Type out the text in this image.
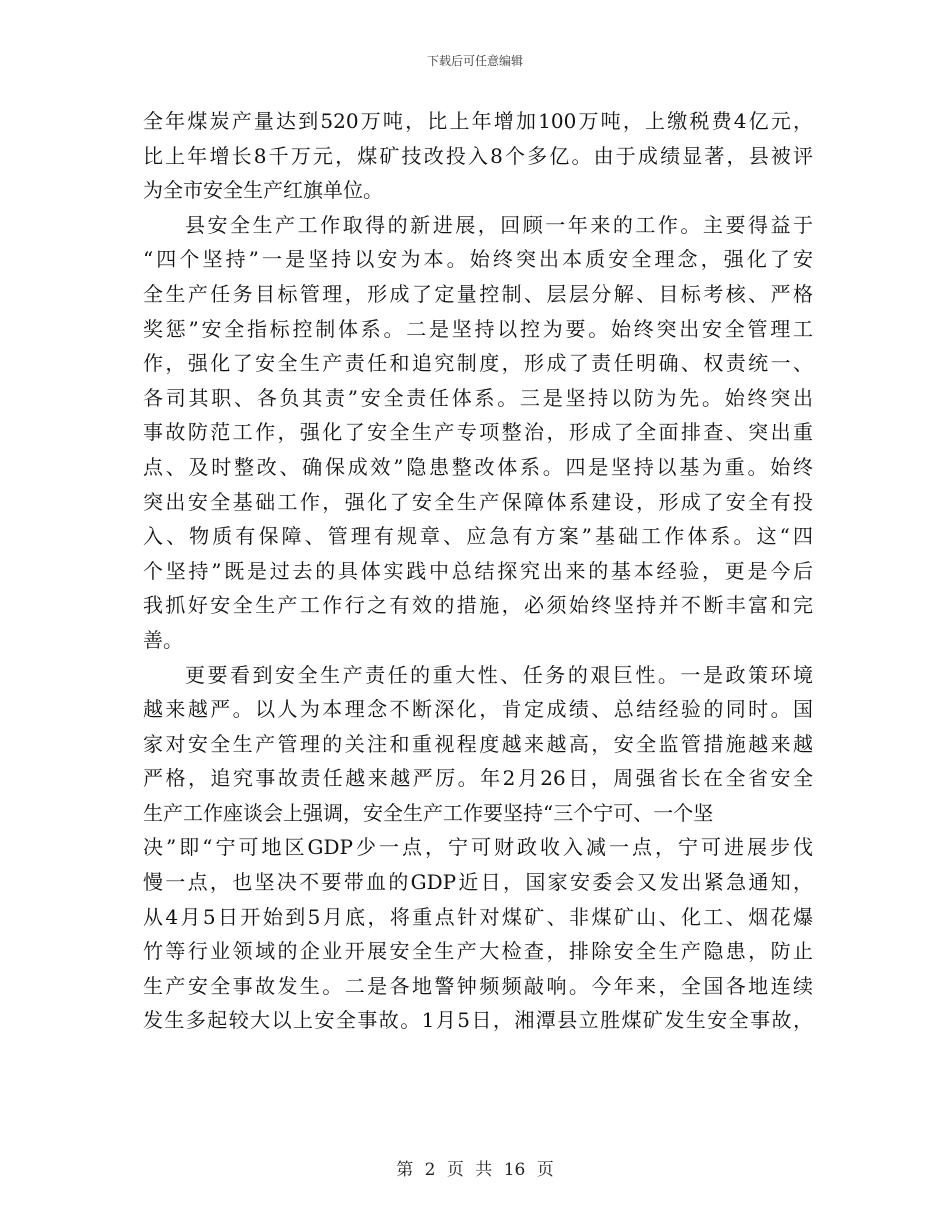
下载后可任意编辑
全年煤炭产量达到520万吨，比上年增加100万吨，上缴税费4亿元，
比上年增长8千万元，煤矿技改投入8个多亿。由于成绩显著，县被评
为全市安全生产红旗单位。
县安全生产工作取得的新进展，回顾一年来的工作。主要得益于
“四个坚持”一是坚持以安为本。始终突出本质安全理念，强化了安
全生产任务目标管理，形成了定量控制、层层分解、目标考核、严格
奖惩”安全指标控制体系。二是坚持以控为要。始终突出安全管理工
作，强化了安全生产责任和追究制度，形成了责任明确、权责统一、
各司其职、各负其责”安全责任体系。三是坚持以防为先。始终突出
事故防范工作，强化了安全生产专项整治，形成了全面排查、突出重
点、及时整改、确保成效”隐患整改体系。四是坚持以基为重。始终
突出安全基础工作，强化了安全生产保障体系建设，形成了安全有投
入、物质有保障、管理有规章、应急有方案”基础工作体系。这“四
个坚持”既是过去的具体实践中总结探究出来的基本经验，更是今后
我抓好安全生产工作行之有效的措施，必须始终坚持并不断丰富和完
善。
更要看到安全生产责任的重大性、任务的艰巨性。一是政策环境
越来越严。以人为本理念不断深化，肯定成绩、总结经验的同时。国
家对安全生产管理的关注和重视程度越来越高，安全监管措施越来越
严格，追究事故责任越来越严厉。年2月26日，周强省长在全省安全
生产工作座谈会上强调，安全生产工作要坚持“三个宁可、一个坚
决”即“宁可地区GDP少一点，宁可财政收入减一点，宁可进展步伐
慢一点，也坚决不要带血的GDP近日，国家安委会又发出紧急通知，
从4月5日开始到5月底，将重点针对煤矿、非煤矿山、化工、烟花爆
竹等行业领域的企业开展安全生产大检查，排除安全生产隐患，防止
生产安全事故发生。二是各地警钟频频敲响。今年来，全国各地连续
发生多起较大以上安全事故。1月5日，湘潭县立胜煤矿发生安全事故，
第 2 页 共 16 页
